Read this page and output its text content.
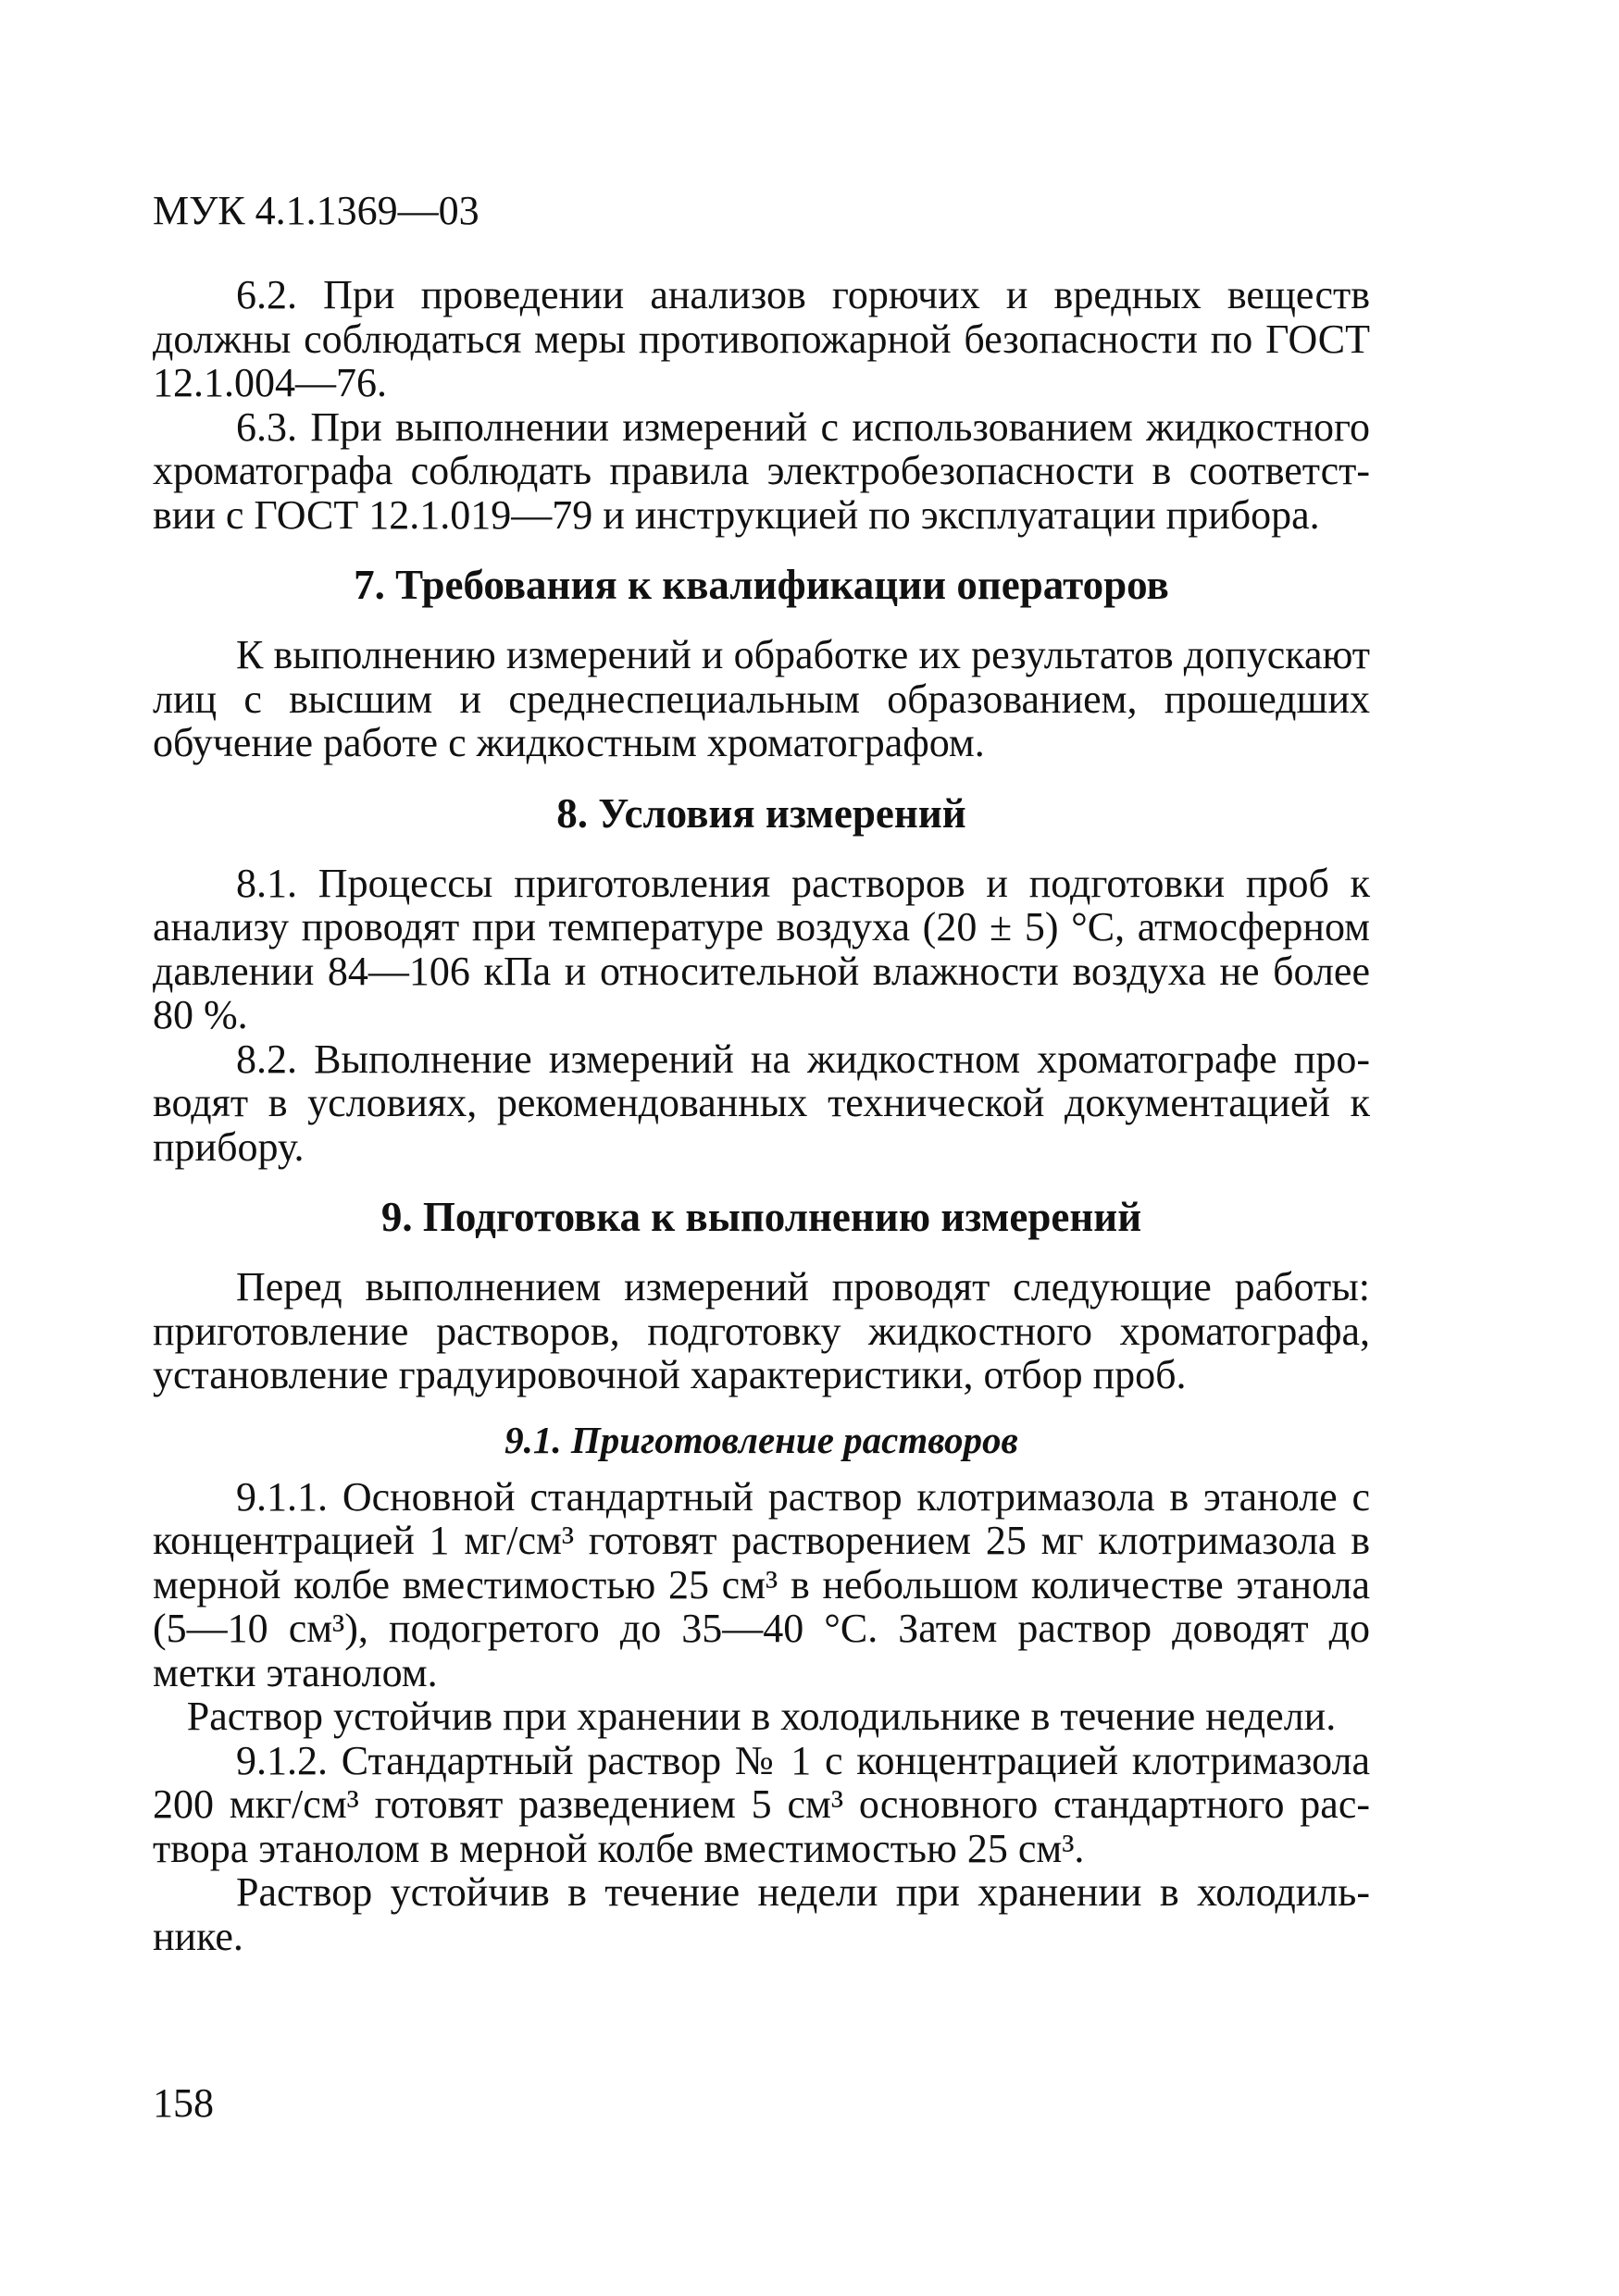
МУК 4.1.1369—03

6.2. При проведении анализов горючих и вредных веществ должны соблюдаться меры противопожарной безопасности по ГОСТ 12.1.004—76.

6.3. При выполнении измерений с использованием жидкостного хроматографа соблюдать правила электробезопасности в соответствии с ГОСТ 12.1.019—79 и инструкцией по эксплуатации прибора.

7. Требования к квалификации операторов

К выполнению измерений и обработке их результатов допускают лиц с высшим и среднеспециальным образованием, прошедших обучение работе с жидкостным хроматографом.

8. Условия измерений

8.1. Процессы приготовления растворов и подготовки проб к анализу проводят при температуре воздуха (20 ± 5) °С, атмосферном давлении 84—106 кПа и относительной влажности воздуха не более 80 %.

8.2. Выполнение измерений на жидкостном хроматографе проводят в условиях, рекомендованных технической документацией к прибору.

9. Подготовка к выполнению измерений

Перед выполнением измерений проводят следующие работы: приготовление растворов, подготовку жидкостного хроматографа, установление градуировочной характеристики, отбор проб.

9.1. Приготовление растворов

9.1.1. Основной стандартный раствор клотримазола в этаноле с концентрацией 1 мг/см³ готовят растворением 25 мг клотримазола в мерной колбе вместимостью 25 см³ в небольшом количестве этанола (5—10 см³), подогретого до 35—40 °С. Затем раствор доводят до метки этанолом.

Раствор устойчив при хранении в холодильнике в течение недели.

9.1.2. Стандартный раствор № 1 с концентрацией клотримазола 200 мкг/см³ готовят разведением 5 см³ основного стандартного раствора этанолом в мерной колбе вместимостью 25 см³.

Раствор устойчив в течение недели при хранении в холодильнике.

158
